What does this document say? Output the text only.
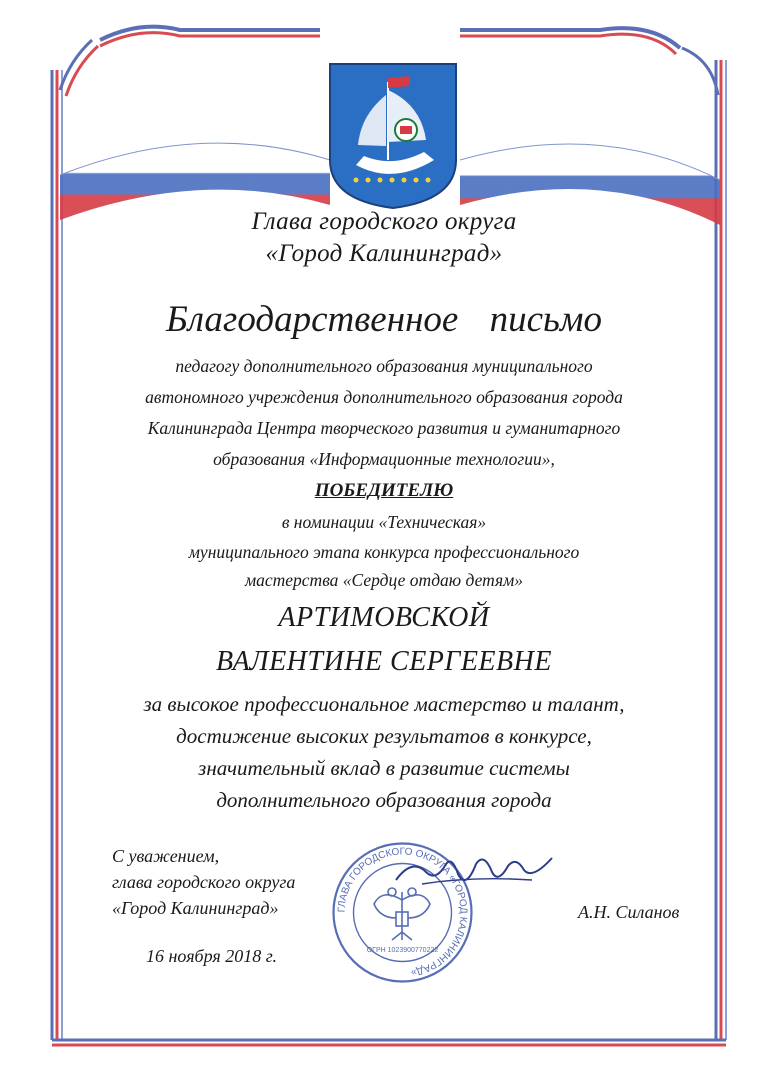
Глава городского округа
«Город Калининград»
Благодарственное письмо
педагогу дополнительного образования муниципального
автономного учреждения дополнительного образования города
Калининграда Центра творческого развития и гуманитарного
образования «Информационные технологии»,
ПОБЕДИТЕЛЮ
в номинации «Техническая»
муниципального этапа конкурса профессионального
мастерства «Сердце отдаю детям»
АРТИМОВСКОЙ
ВАЛЕНТИНЕ СЕРГЕЕВНЕ
за высокое профессиональное мастерство и талант,
достижение высоких результатов в конкурсе,
значительный вклад в развитие системы
дополнительного образования города
С уважением,
глава городского округа
«Город Калининград»
16 ноября 2018 г.
А.Н. Силанов
ГЛАВА ГОРОДСКОГО ОКРУГА «ГОРОД КАЛИНИНГРАД»
ОГРН 1023900770222
